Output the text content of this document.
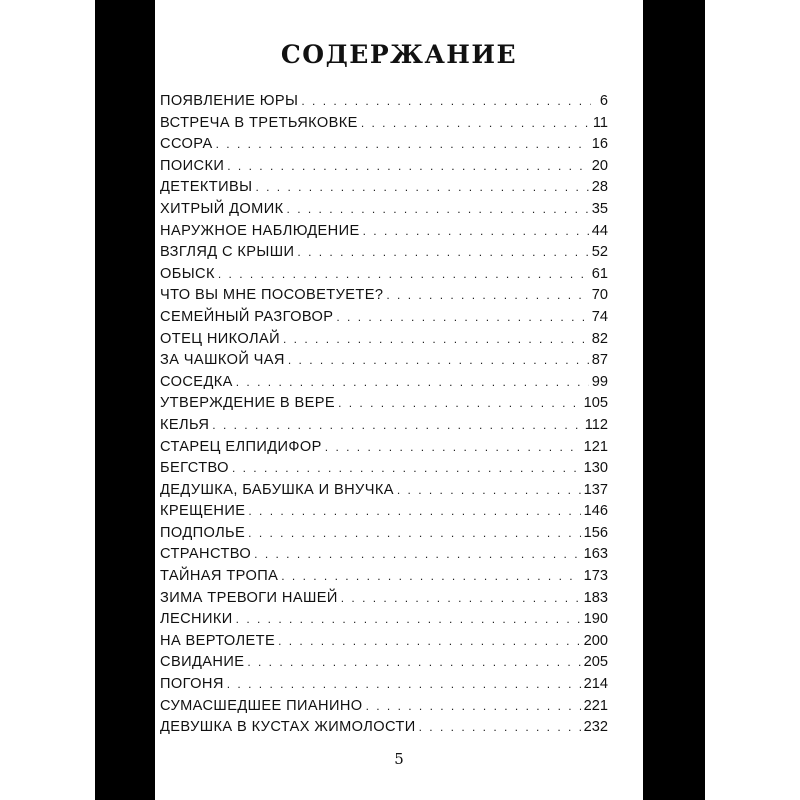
СОДЕРЖАНИЕ
ПОЯВЛЕНИЕ ЮРЫ . . .	6
ВСТРЕЧА В ТРЕТЬЯКОВКЕ . . .	11
ССОРА . . .	16
ПОИСКИ . . .	20
ДЕТЕКТИВЫ . . .	28
ХИТРЫЙ ДОМИК . . .	35
НАРУЖНОЕ НАБЛЮДЕНИЕ . . .	44
ВЗГЛЯД С КРЫШИ . . .	52
ОБЫСК . . .	61
ЧТО ВЫ МНЕ ПОСОВЕТУЕТЕ? . . .	70
СЕМЕЙНЫЙ РАЗГОВОР . . .	74
ОТЕЦ НИКОЛАЙ . . .	82
ЗА ЧАШКОЙ ЧАЯ . . .	87
СОСЕДКА . . .	99
УТВЕРЖДЕНИЕ В ВЕРЕ . . .	105
КЕЛЬЯ . . .	112
СТАРЕЦ ЕЛПИДИФОР . . .	121
БЕГСТВО . . .	130
ДЕДУШКА, БАБУШКА И ВНУЧКА . . .	137
КРЕЩЕНИЕ . . .	146
ПОДПОЛЬЕ . . .	156
СТРАНСТВО . . .	163
ТАЙНАЯ ТРОПА . . .	173
ЗИМА ТРЕВОГИ НАШЕЙ . . .	183
ЛЕСНИКИ . . .	190
НА ВЕРТОЛЕТЕ . . .	200
СВИДАНИЕ . . .	205
ПОГОНЯ . . .	214
СУМАСШЕДШЕЕ ПИАНИНО . . .	221
ДЕВУШКА В КУСТАХ ЖИМОЛОСТИ . . .	232
5
